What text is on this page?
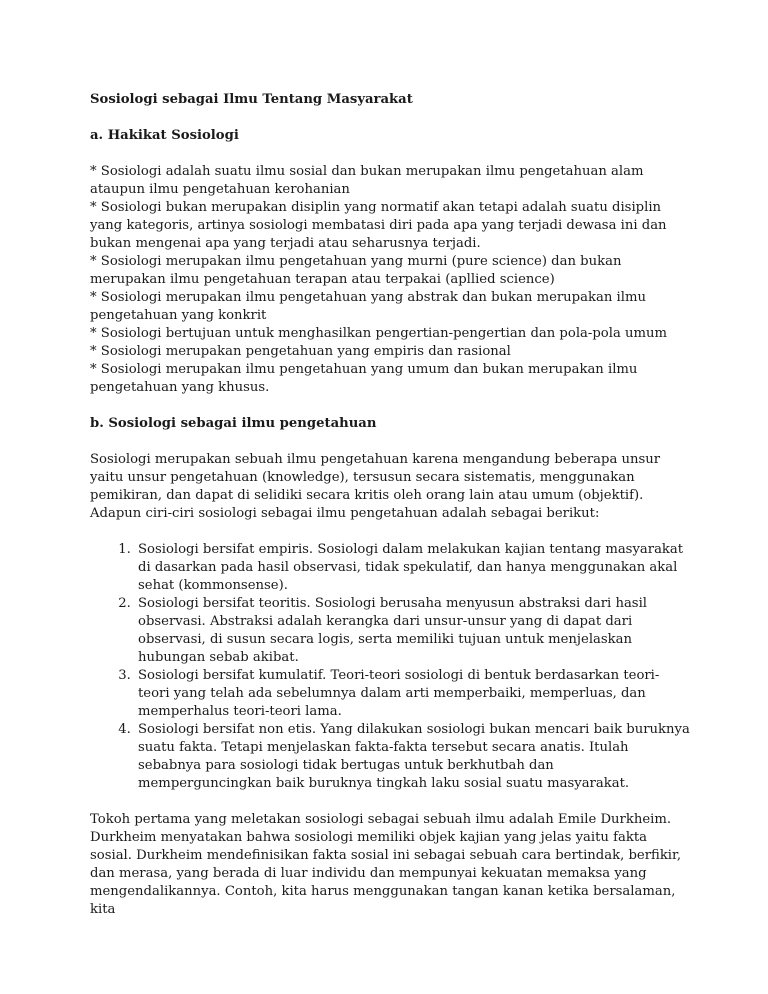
Sosiologi sebagai Ilmu Tentang Masyarakat

a. Hakikat Sosiologi

* Sosiologi adalah suatu ilmu sosial dan bukan merupakan ilmu pengetahuan alam ataupun ilmu pengetahuan kerohanian

* Sosiologi bukan merupakan disiplin yang normatif akan tetapi adalah suatu disiplin yang kategoris, artinya sosiologi membatasi diri pada apa yang terjadi dewasa ini dan bukan mengenai apa yang terjadi atau seharusnya terjadi.

* Sosiologi merupakan ilmu pengetahuan yang murni (pure science) dan bukan merupakan ilmu pengetahuan terapan atau terpakai (apllied science)

* Sosiologi merupakan ilmu pengetahuan yang abstrak dan bukan merupakan ilmu pengetahuan yang konkrit

* Sosiologi bertujuan untuk menghasilkan pengertian-pengertian dan pola-pola umum

* Sosiologi merupakan pengetahuan yang empiris dan rasional

* Sosiologi merupakan ilmu pengetahuan yang umum dan bukan merupakan ilmu pengetahuan yang khusus.

b. Sosiologi sebagai ilmu pengetahuan

Sosiologi merupakan sebuah ilmu pengetahuan karena mengandung beberapa unsur yaitu unsur pengetahuan (knowledge), tersusun secara sistematis, menggunakan pemikiran, dan dapat di selidiki secara kritis oleh orang lain atau umum (objektif). Adapun ciri-ciri sosiologi sebagai ilmu pengetahuan adalah sebagai berikut:

1. Sosiologi bersifat empiris. Sosiologi dalam melakukan kajian tentang masyarakat di dasarkan pada hasil observasi, tidak spekulatif, dan hanya menggunakan akal sehat (kommonsense).
2. Sosiologi bersifat teoritis. Sosiologi berusaha menyusun abstraksi dari hasil observasi. Abstraksi adalah kerangka dari unsur-unsur yang di dapat dari observasi, di susun secara logis, serta memiliki tujuan untuk menjelaskan hubungan sebab akibat.
3. Sosiologi bersifat kumulatif. Teori-teori sosiologi di bentuk berdasarkan teori-teori yang telah ada sebelumnya dalam arti memperbaiki, memperluas, dan memperhalus teori-teori lama.
4. Sosiologi bersifat non etis. Yang dilakukan sosiologi bukan mencari baik buruknya suatu fakta. Tetapi menjelaskan fakta-fakta tersebut secara anatis. Itulah sebabnya para sosiologi tidak bertugas untuk berkhutbah dan memperguncingkan baik buruknya tingkah laku sosial suatu masyarakat.

Tokoh pertama yang meletakan sosiologi sebagai sebuah ilmu adalah Emile Durkheim. Durkheim menyatakan bahwa sosiologi memiliki objek kajian yang jelas yaitu fakta sosial. Durkheim mendefinisikan fakta sosial ini sebagai sebuah cara bertindak, berfikir, dan merasa, yang berada di luar individu dan mempunyai kekuatan memaksa yang mengendalikannya. Contoh, kita harus menggunakan tangan kanan ketika bersalaman, kita
